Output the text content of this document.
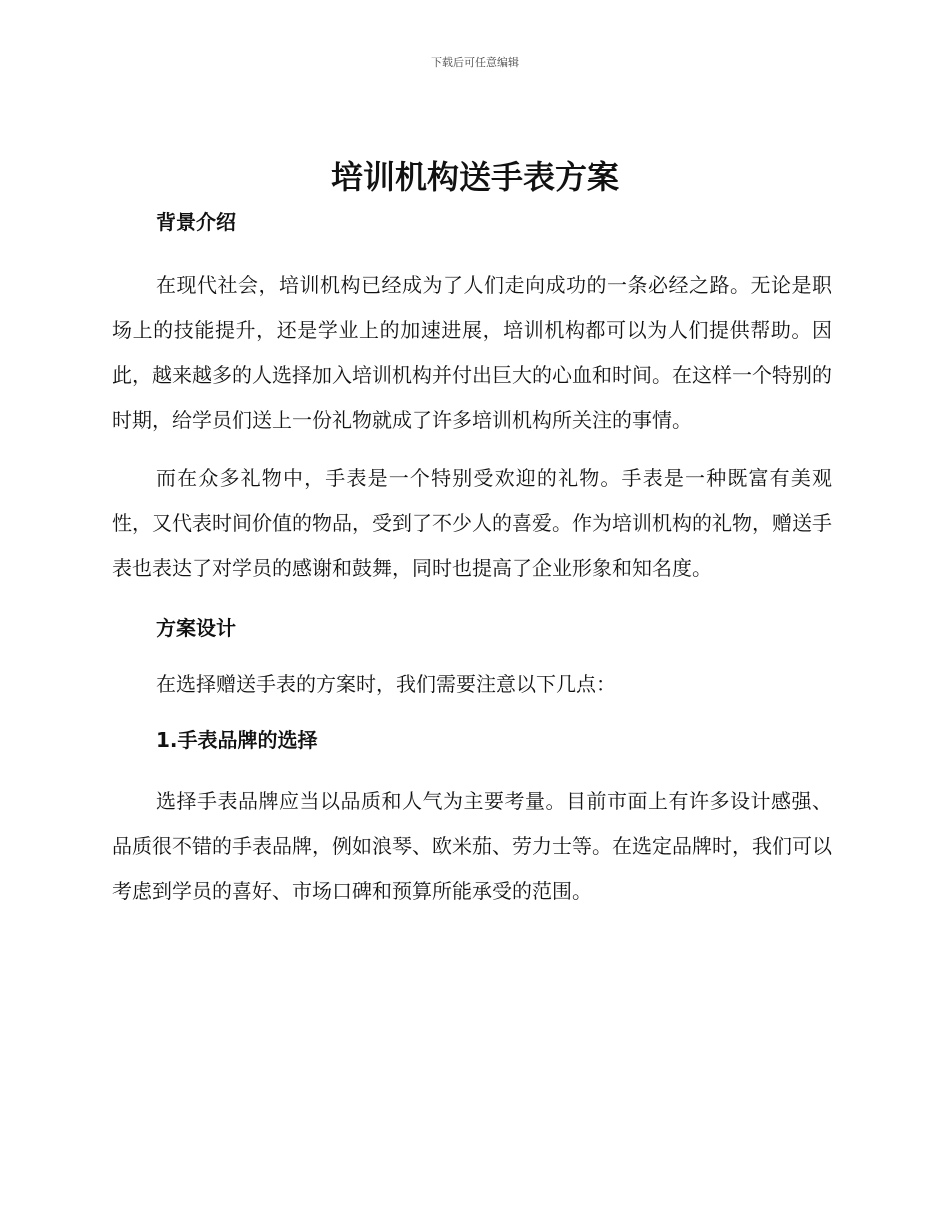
下载后可任意编辑
培训机构送手表方案
背景介绍

在现代社会，培训机构已经成为了人们走向成功的一条必经之路。无论是职场上的技能提升，还是学业上的加速进展，培训机构都可以为人们提供帮助。因此，越来越多的人选择加入培训机构并付出巨大的心血和时间。在这样一个特别的时期，给学员们送上一份礼物就成了许多培训机构所关注的事情。

而在众多礼物中，手表是一个特别受欢迎的礼物。手表是一种既富有美观性，又代表时间价值的物品，受到了不少人的喜爱。作为培训机构的礼物，赠送手表也表达了对学员的感谢和鼓舞，同时也提高了企业形象和知名度。

方案设计

在选择赠送手表的方案时，我们需要注意以下几点：

1.手表品牌的选择

选择手表品牌应当以品质和人气为主要考量。目前市面上有许多设计感强、品质很不错的手表品牌，例如浪琴、欧米茄、劳力士等。在选定品牌时，我们可以考虑到学员的喜好、市场口碑和预算所能承受的范围。
